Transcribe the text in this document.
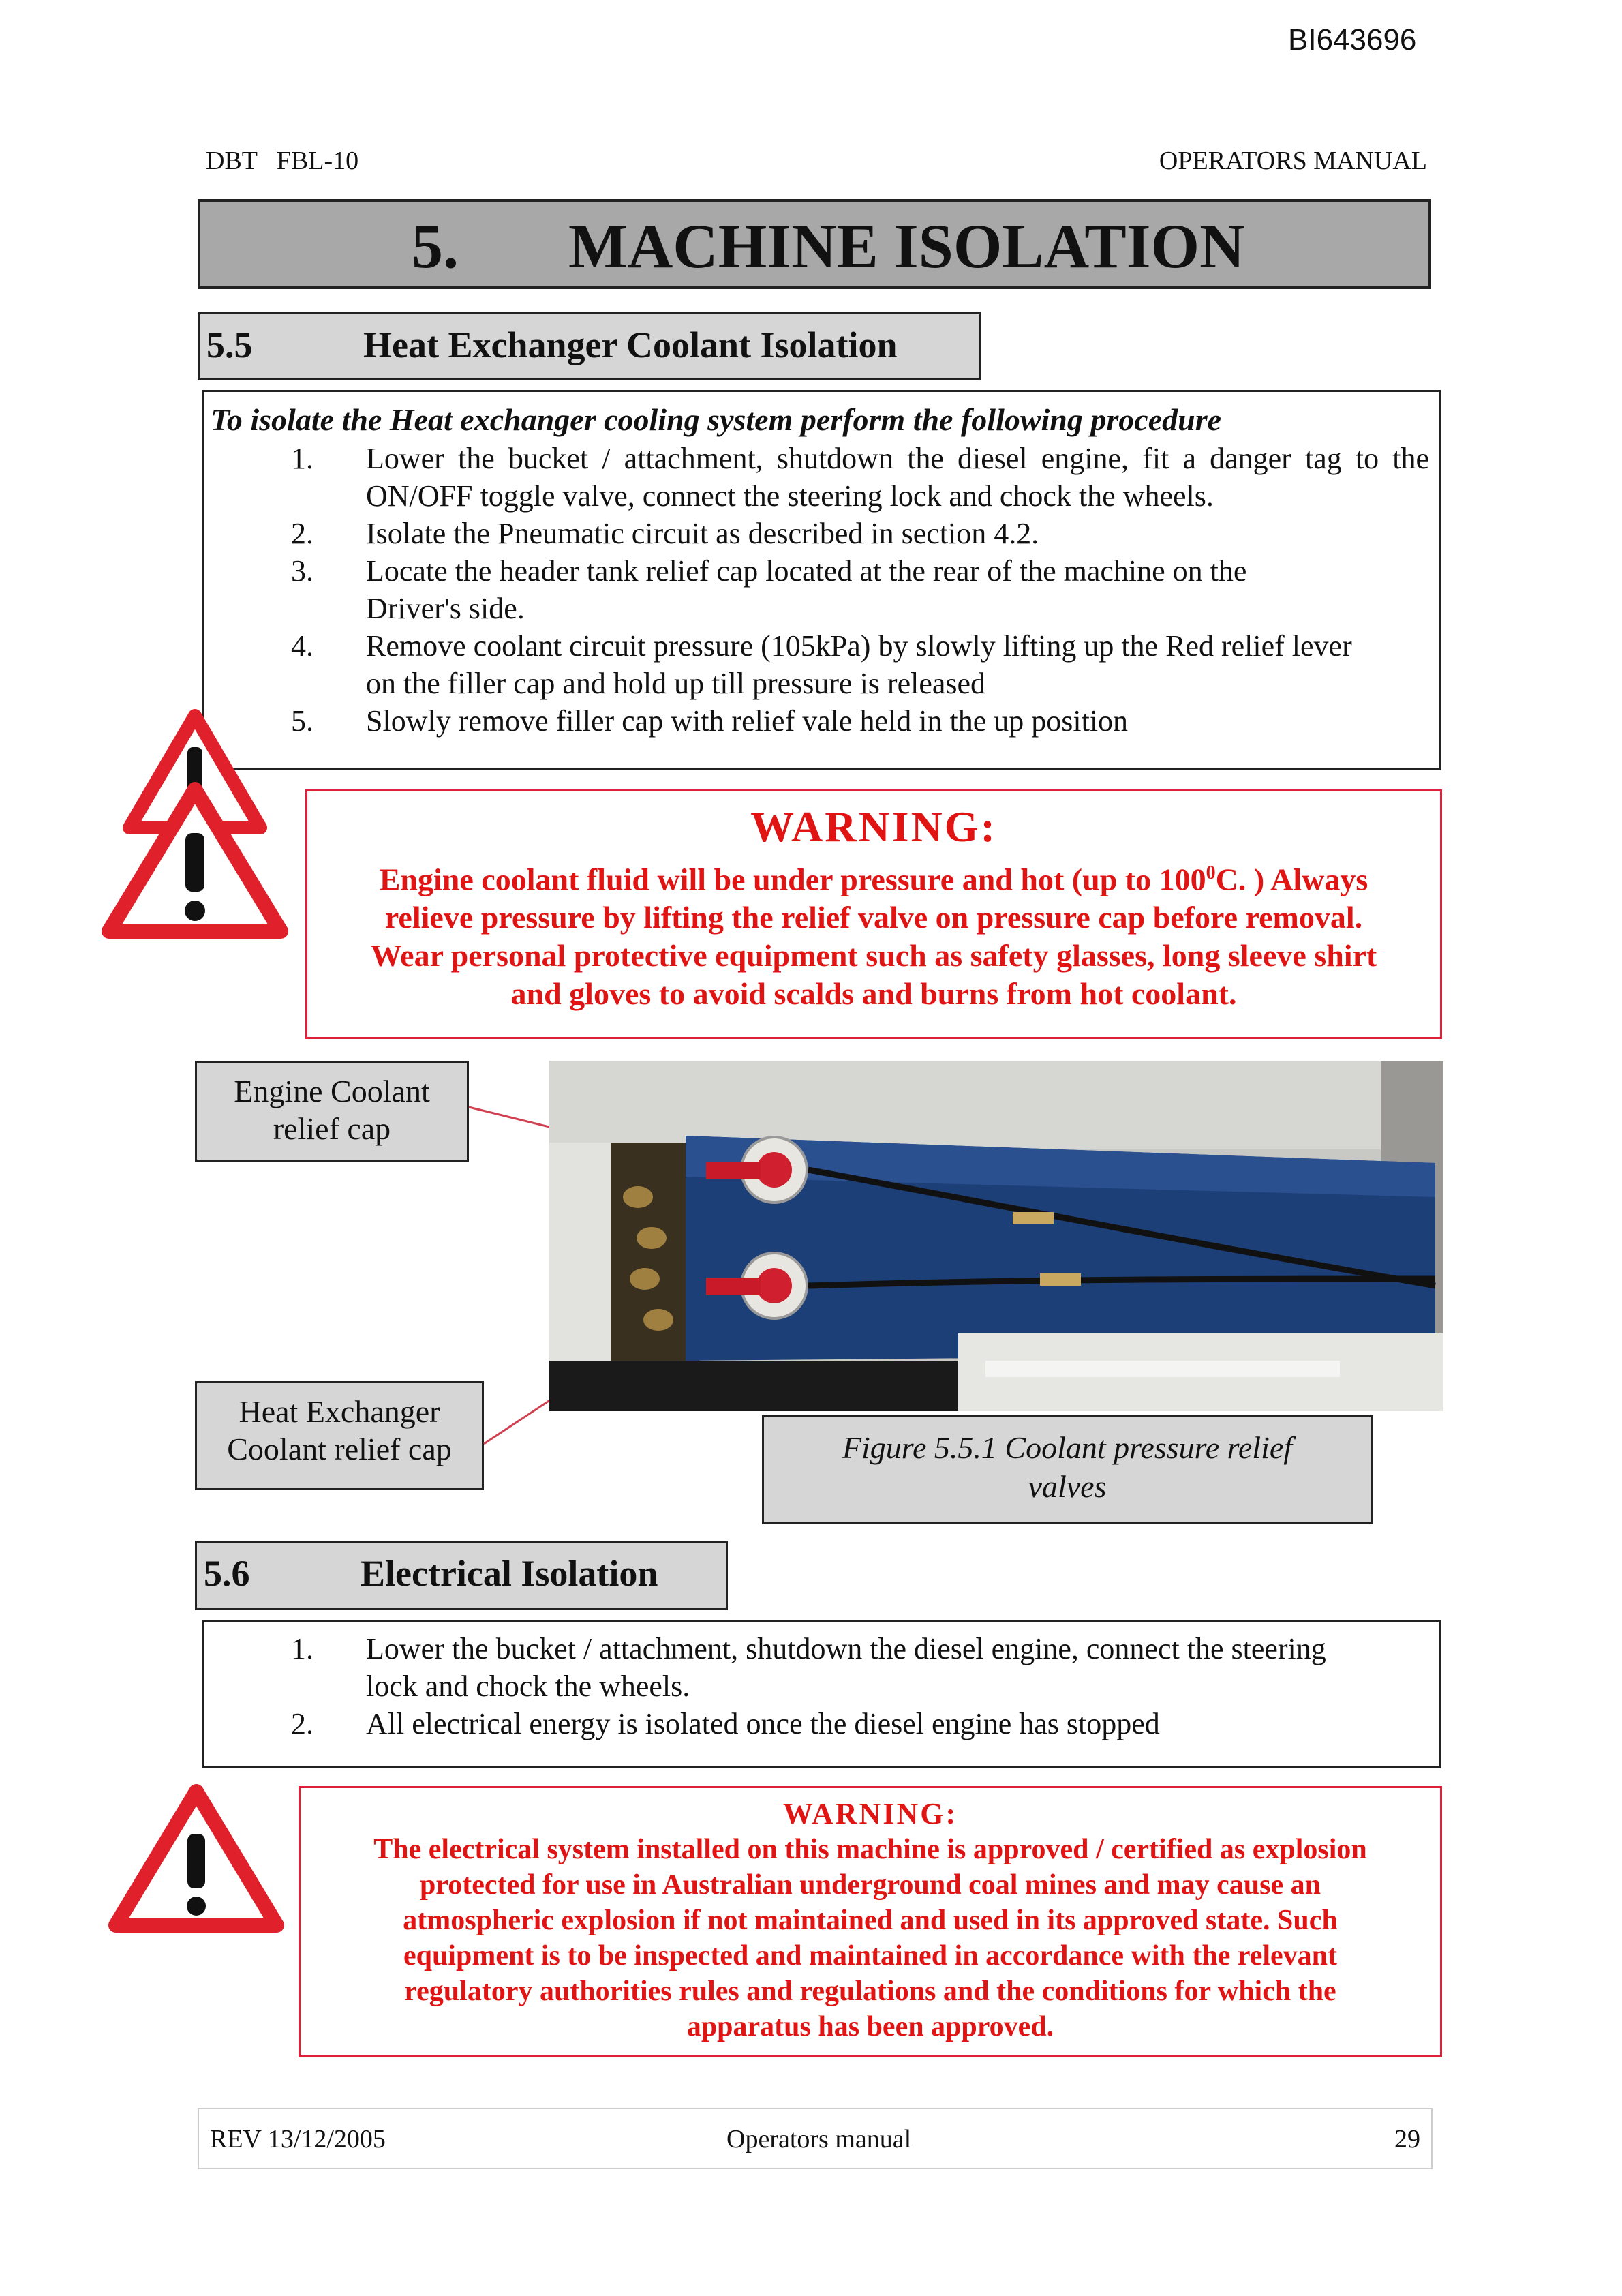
BI643696
DBT   FBL-10	OPERATORS MANUAL
5. MACHINE ISOLATION
5.5	Heat Exchanger Coolant Isolation
To isolate the Heat exchanger cooling system perform the following procedure
1.	Lower the bucket / attachment, shutdown the diesel engine, fit a danger tag to the ON/OFF toggle valve, connect the steering lock and chock the wheels.
2.	Isolate the Pneumatic circuit as described in section 4.2.
3.	Locate the header tank relief cap located at the rear of the machine on the Driver's side.
4.	Remove coolant circuit pressure (105kPa) by slowly lifting up the Red relief lever on the filler cap and hold up till pressure is released
5.	Slowly remove filler cap with relief vale held in the up position
WARNING:
Engine coolant fluid will be under pressure and hot (up to $100^0C$. ) Always
relieve pressure by lifting the relief valve on pressure cap before removal.
Wear personal protective equipment such as safety glasses, long sleeve shirt
and gloves to avoid scalds and burns from hot coolant.
Engine Coolant
relief cap
Heat Exchanger
Coolant relief cap	Figure 5.5.1 Coolant pressure relief
valves
5.6	Electrical Isolation
1.	Lower the bucket / attachment, shutdown the diesel engine, connect the steering lock and chock the wheels.
2.	All electrical energy is isolated once the diesel engine has stopped
WARNING:
The electrical system installed on this machine is approved / certified as explosion
protected for use in Australian underground coal mines and may cause an
atmospheric explosion if not maintained and used in its approved state. Such
equipment is to be inspected and maintained in accordance with the relevant
regulatory authorities rules and regulations and the conditions for which the
apparatus has been approved.
REV 13/12/2005	Operators manual	29
